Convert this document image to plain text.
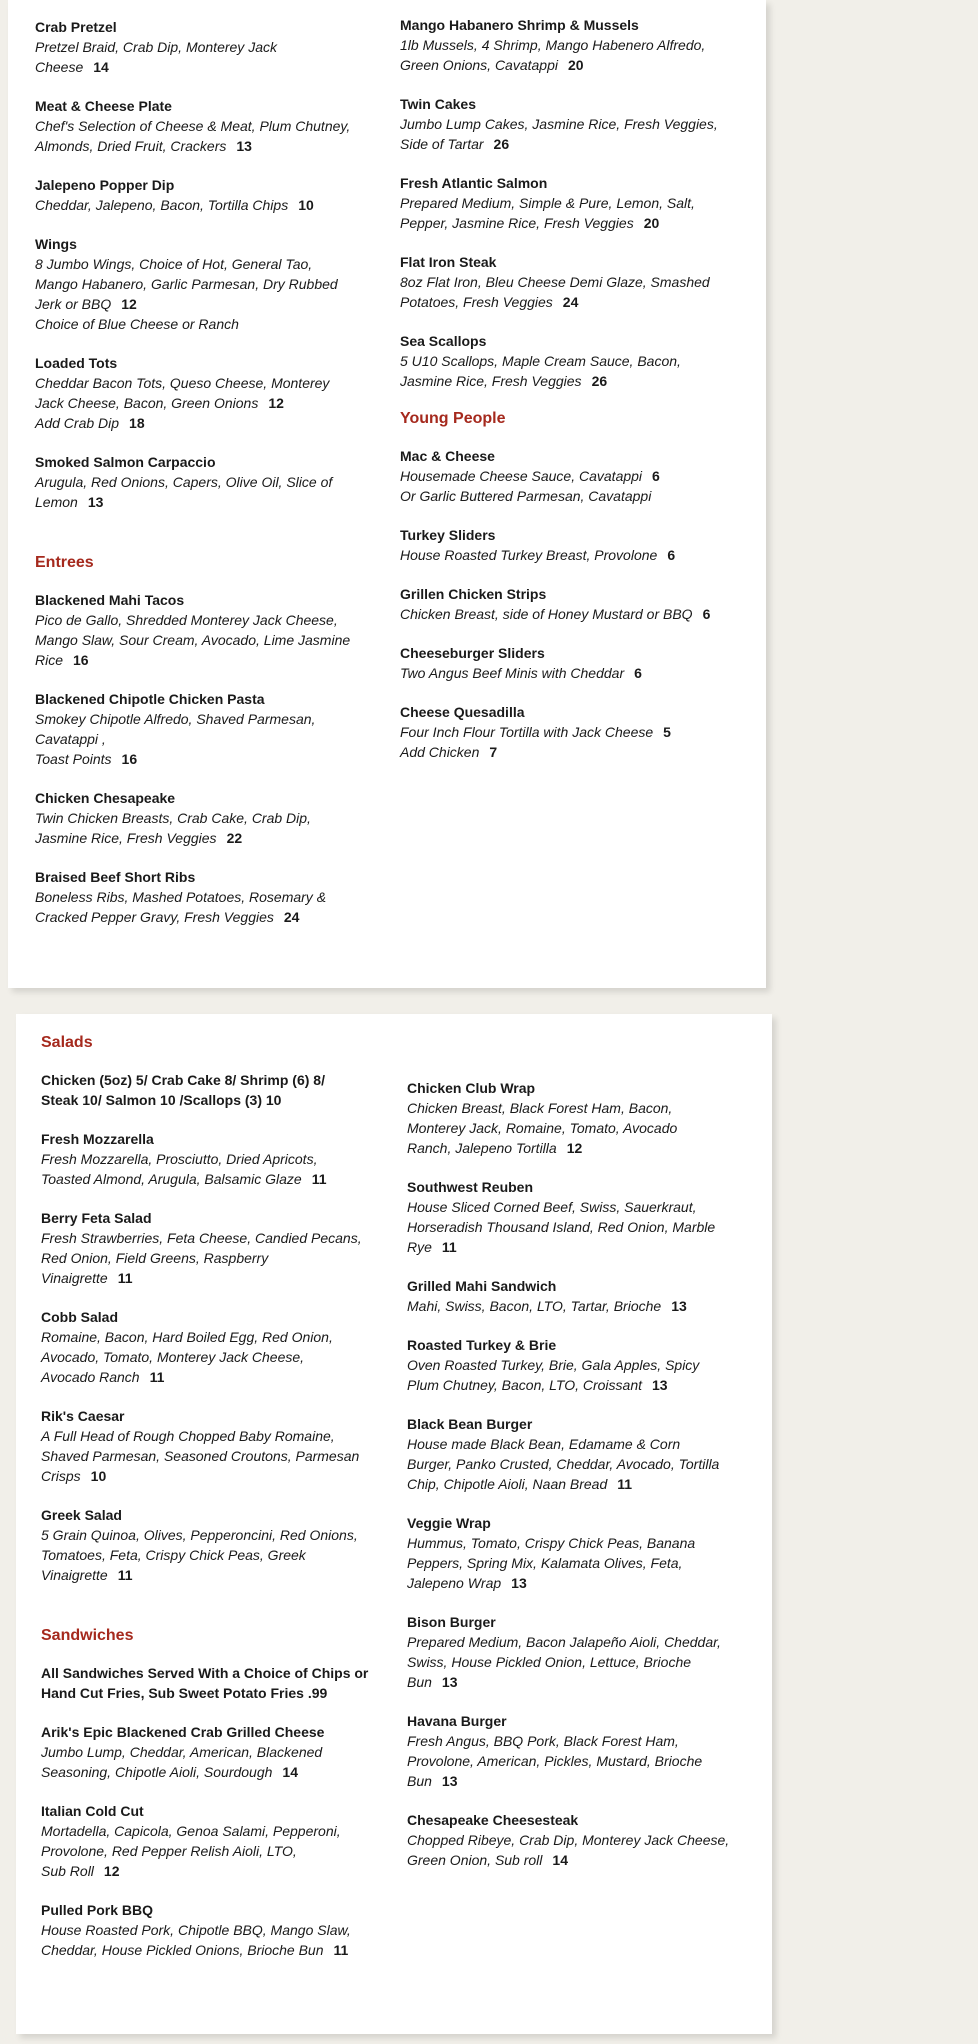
Crab Pretzel
Pretzel Braid, Crab Dip, Monterey Jack
Cheese 14
Meat & Cheese Plate
Chef's Selection of Cheese & Meat, Plum Chutney,
Almonds, Dried Fruit, Crackers 13
Jalepeno Popper Dip
Cheddar, Jalepeno, Bacon, Tortilla Chips 10
Wings
8 Jumbo Wings, Choice of Hot, General Tao,
Mango Habanero, Garlic Parmesan, Dry Rubbed
Jerk or BBQ 12
Choice of Blue Cheese or Ranch
Loaded Tots
Cheddar Bacon Tots, Queso Cheese, Monterey
Jack Cheese, Bacon, Green Onions 12
Add Crab Dip 18
Smoked Salmon Carpaccio
Arugula, Red Onions, Capers, Olive Oil, Slice of
Lemon 13
Entrees
Blackened Mahi Tacos
Pico de Gallo, Shredded Monterey Jack Cheese,
Mango Slaw, Sour Cream, Avocado, Lime Jasmine
Rice 16
Blackened Chipotle Chicken Pasta
Smokey Chipotle Alfredo, Shaved Parmesan,
Cavatappi ,
Toast Points 16
Chicken Chesapeake
Twin Chicken Breasts, Crab Cake, Crab Dip,
Jasmine Rice, Fresh Veggies 22
Braised Beef Short Ribs
Boneless Ribs, Mashed Potatoes, Rosemary &
Cracked Pepper Gravy, Fresh Veggies 24
Mango Habanero Shrimp & Mussels
1lb Mussels, 4 Shrimp, Mango Habenero Alfredo,
Green Onions, Cavatappi 20
Twin Cakes
Jumbo Lump Cakes, Jasmine Rice, Fresh Veggies,
Side of Tartar 26
Fresh Atlantic Salmon
Prepared Medium, Simple & Pure, Lemon, Salt,
Pepper, Jasmine Rice, Fresh Veggies 20
Flat Iron Steak
8oz Flat Iron, Bleu Cheese Demi Glaze, Smashed
Potatoes, Fresh Veggies 24
Sea Scallops
5 U10 Scallops, Maple Cream Sauce, Bacon,
Jasmine Rice, Fresh Veggies 26
Young People
Mac & Cheese
Housemade Cheese Sauce, Cavatappi 6
Or Garlic Buttered Parmesan, Cavatappi
Turkey Sliders
House Roasted Turkey Breast, Provolone 6
Grillen Chicken Strips
Chicken Breast, side of Honey Mustard or BBQ 6
Cheeseburger Sliders
Two Angus Beef Minis with Cheddar 6
Cheese Quesadilla
Four Inch Flour Tortilla with Jack Cheese 5
Add Chicken 7
Salads
Chicken (5oz) 5/ Crab Cake 8/ Shrimp (6) 8/
Steak 10/ Salmon 10 /Scallops (3) 10
Fresh Mozzarella
Fresh Mozzarella, Prosciutto, Dried Apricots,
Toasted Almond, Arugula, Balsamic Glaze 11
Berry Feta Salad
Fresh Strawberries, Feta Cheese, Candied Pecans,
Red Onion, Field Greens, Raspberry
Vinaigrette 11
Cobb Salad
Romaine, Bacon, Hard Boiled Egg, Red Onion,
Avocado, Tomato, Monterey Jack Cheese,
Avocado Ranch 11
Rik's Caesar
A Full Head of Rough Chopped Baby Romaine,
Shaved Parmesan, Seasoned Croutons, Parmesan
Crisps 10
Greek Salad
5 Grain Quinoa, Olives, Pepperoncini, Red Onions,
Tomatoes, Feta, Crispy Chick Peas, Greek
Vinaigrette 11
Sandwiches
All Sandwiches Served With a Choice of Chips or
Hand Cut Fries, Sub Sweet Potato Fries .99
Arik's Epic Blackened Crab Grilled Cheese
Jumbo Lump, Cheddar, American, Blackened
Seasoning, Chipotle Aioli, Sourdough 14
Italian Cold Cut
Mortadella, Capicola, Genoa Salami, Pepperoni,
Provolone, Red Pepper Relish Aioli, LTO,
Sub Roll 12
Pulled Pork BBQ
House Roasted Pork, Chipotle BBQ, Mango Slaw,
Cheddar, House Pickled Onions, Brioche Bun 11
Chicken Club Wrap
Chicken Breast, Black Forest Ham, Bacon,
Monterey Jack, Romaine, Tomato, Avocado
Ranch, Jalepeno Tortilla 12
Southwest Reuben
House Sliced Corned Beef, Swiss, Sauerkraut,
Horseradish Thousand Island, Red Onion, Marble
Rye 11
Grilled Mahi Sandwich
Mahi, Swiss, Bacon, LTO, Tartar, Brioche 13
Roasted Turkey & Brie
Oven Roasted Turkey, Brie, Gala Apples, Spicy
Plum Chutney, Bacon, LTO, Croissant 13
Black Bean Burger
House made Black Bean, Edamame & Corn
Burger, Panko Crusted, Cheddar, Avocado, Tortilla
Chip, Chipotle Aioli, Naan Bread 11
Veggie Wrap
Hummus, Tomato, Crispy Chick Peas, Banana
Peppers, Spring Mix, Kalamata Olives, Feta,
Jalepeno Wrap 13
Bison Burger
Prepared Medium, Bacon Jalapeño Aioli, Cheddar,
Swiss, House Pickled Onion, Lettuce, Brioche
Bun 13
Havana Burger
Fresh Angus, BBQ Pork, Black Forest Ham,
Provolone, American, Pickles, Mustard, Brioche
Bun 13
Chesapeake Cheesesteak
Chopped Ribeye, Crab Dip, Monterey Jack Cheese,
Green Onion, Sub roll 14
